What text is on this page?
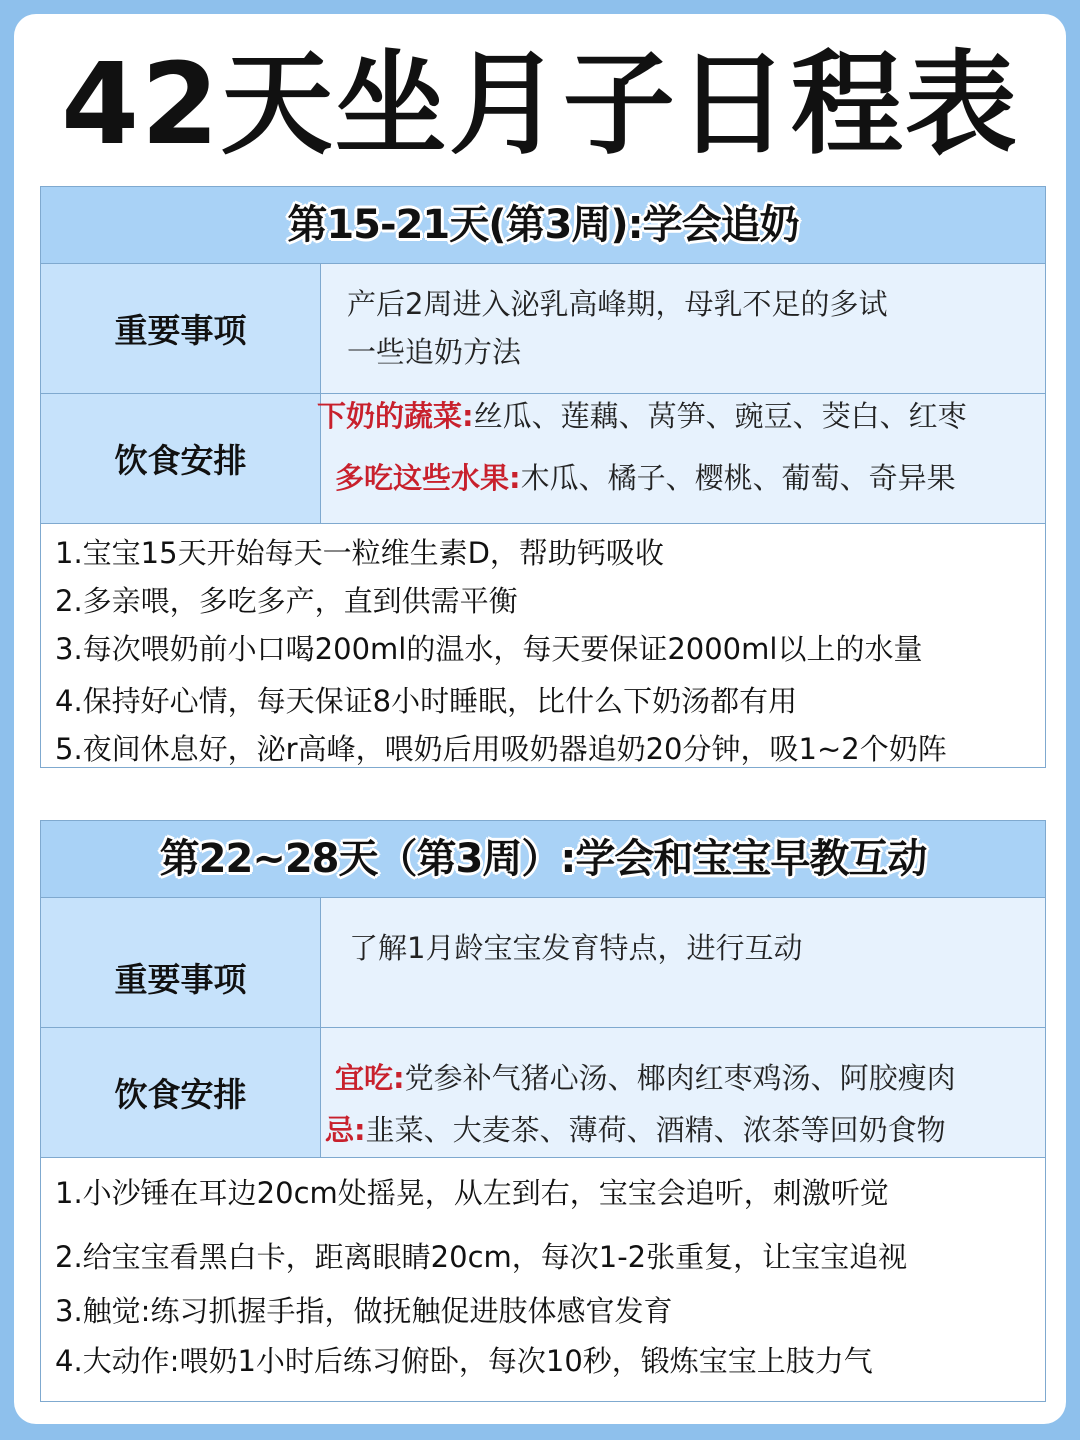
42天坐月子日程表
第15-21天(第3周):学会追奶
重要事项
产后2周进入泌乳高峰期，母乳不足的多试
一些追奶方法
饮食安排
下奶的蔬菜:丝瓜、莲藕、莴笋、豌豆、茭白、红枣
多吃这些水果:木瓜、橘子、樱桃、葡萄、奇异果
1.宝宝15天开始每天一粒维生素D，帮助钙吸收
2.多亲喂，多吃多产，直到供需平衡
3.每次喂奶前小口喝200ml的温水，每天要保证2000ml以上的水量
4.保持好心情，每天保证8小时睡眠，比什么下奶汤都有用
5.夜间休息好，泌r高峰，喂奶后用吸奶器追奶20分钟，吸1~2个奶阵
第22~28天（第3周）:学会和宝宝早教互动
重要事项
了解1月龄宝宝发育特点，进行互动
饮食安排	宜吃:党参补气猪心汤、椰肉红枣鸡汤、阿胶瘦肉
忌:韭菜、大麦茶、薄荷、酒精、浓茶等回奶食物
1.小沙锤在耳边20cm处摇晃，从左到右，宝宝会追听，刺激听觉
2.给宝宝看黑白卡，距离眼睛20cm，每次1-2张重复，让宝宝追视
3.触觉:练习抓握手指，做抚触促进肢体感官发育
4.大动作:喂奶1小时后练习俯卧，每次10秒，锻炼宝宝上肢力气
